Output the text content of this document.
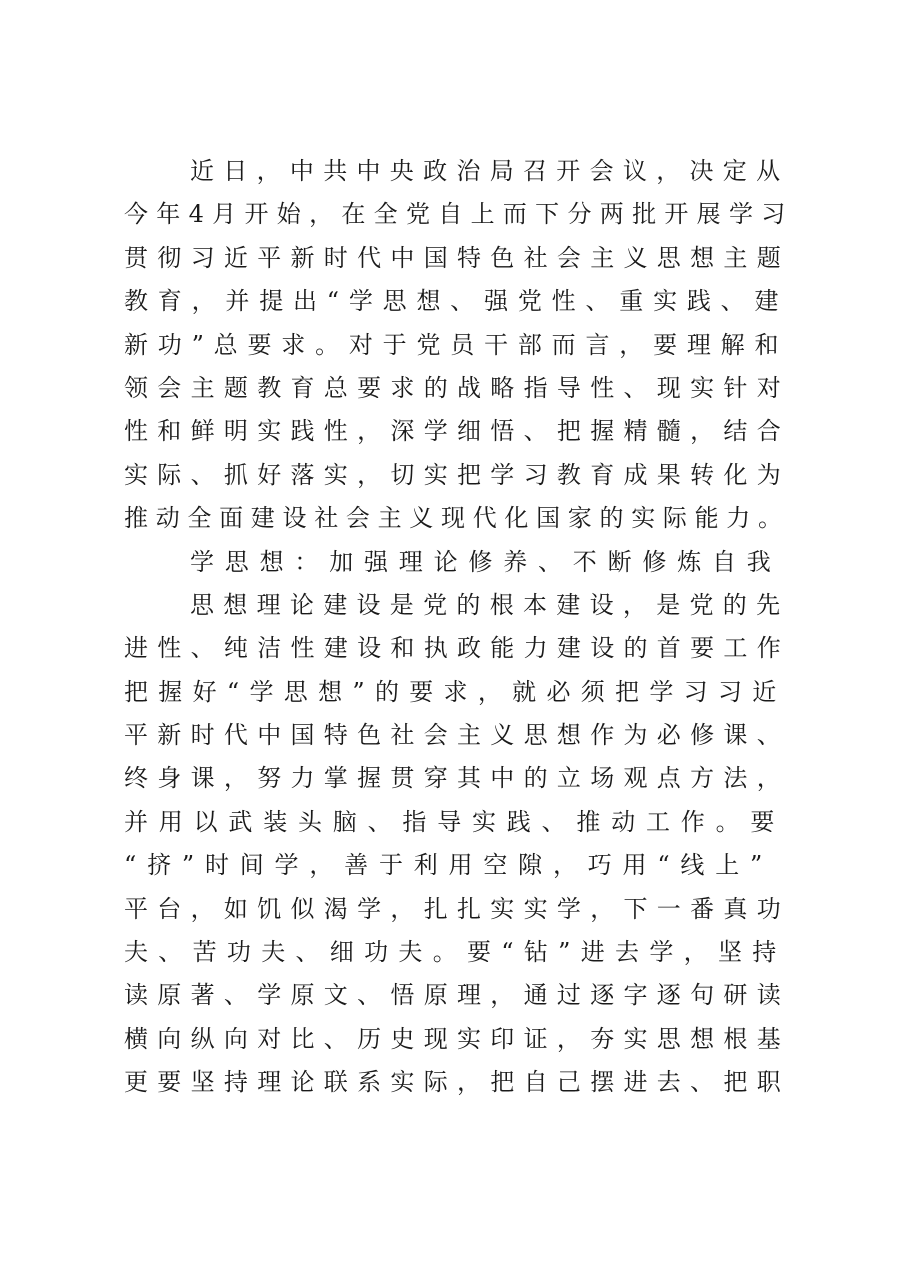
近日，中共中央政治局召开会议，决定从
今年4月开始，在全党自上而下分两批开展学习
贯彻习近平新时代中国特色社会主义思想主题
教育，并提出“学思想、强党性、重实践、建
新功”总要求。对于党员干部而言，要理解和
领会主题教育总要求的战略指导性、现实针对
性和鲜明实践性，深学细悟、把握精髓，结合
实际、抓好落实，切实把学习教育成果转化为
推动全面建设社会主义现代化国家的实际能力。
学思想：加强理论修养、不断修炼自我
思想理论建设是党的根本建设，是党的先
进性、纯洁性建设和执政能力建设的首要工作
把握好“学思想”的要求，就必须把学习习近
平新时代中国特色社会主义思想作为必修课、
终身课，努力掌握贯穿其中的立场观点方法，
并用以武装头脑、指导实践、推动工作。要
“挤”时间学，善于利用空隙，巧用“线上”
平台，如饥似渴学，扎扎实实学，下一番真功
夫、苦功夫、细功夫。要“钻”进去学，坚持
读原著、学原文、悟原理，通过逐字逐句研读
横向纵向对比、历史现实印证，夯实思想根基
更要坚持理论联系实际，把自己摆进去、把职
